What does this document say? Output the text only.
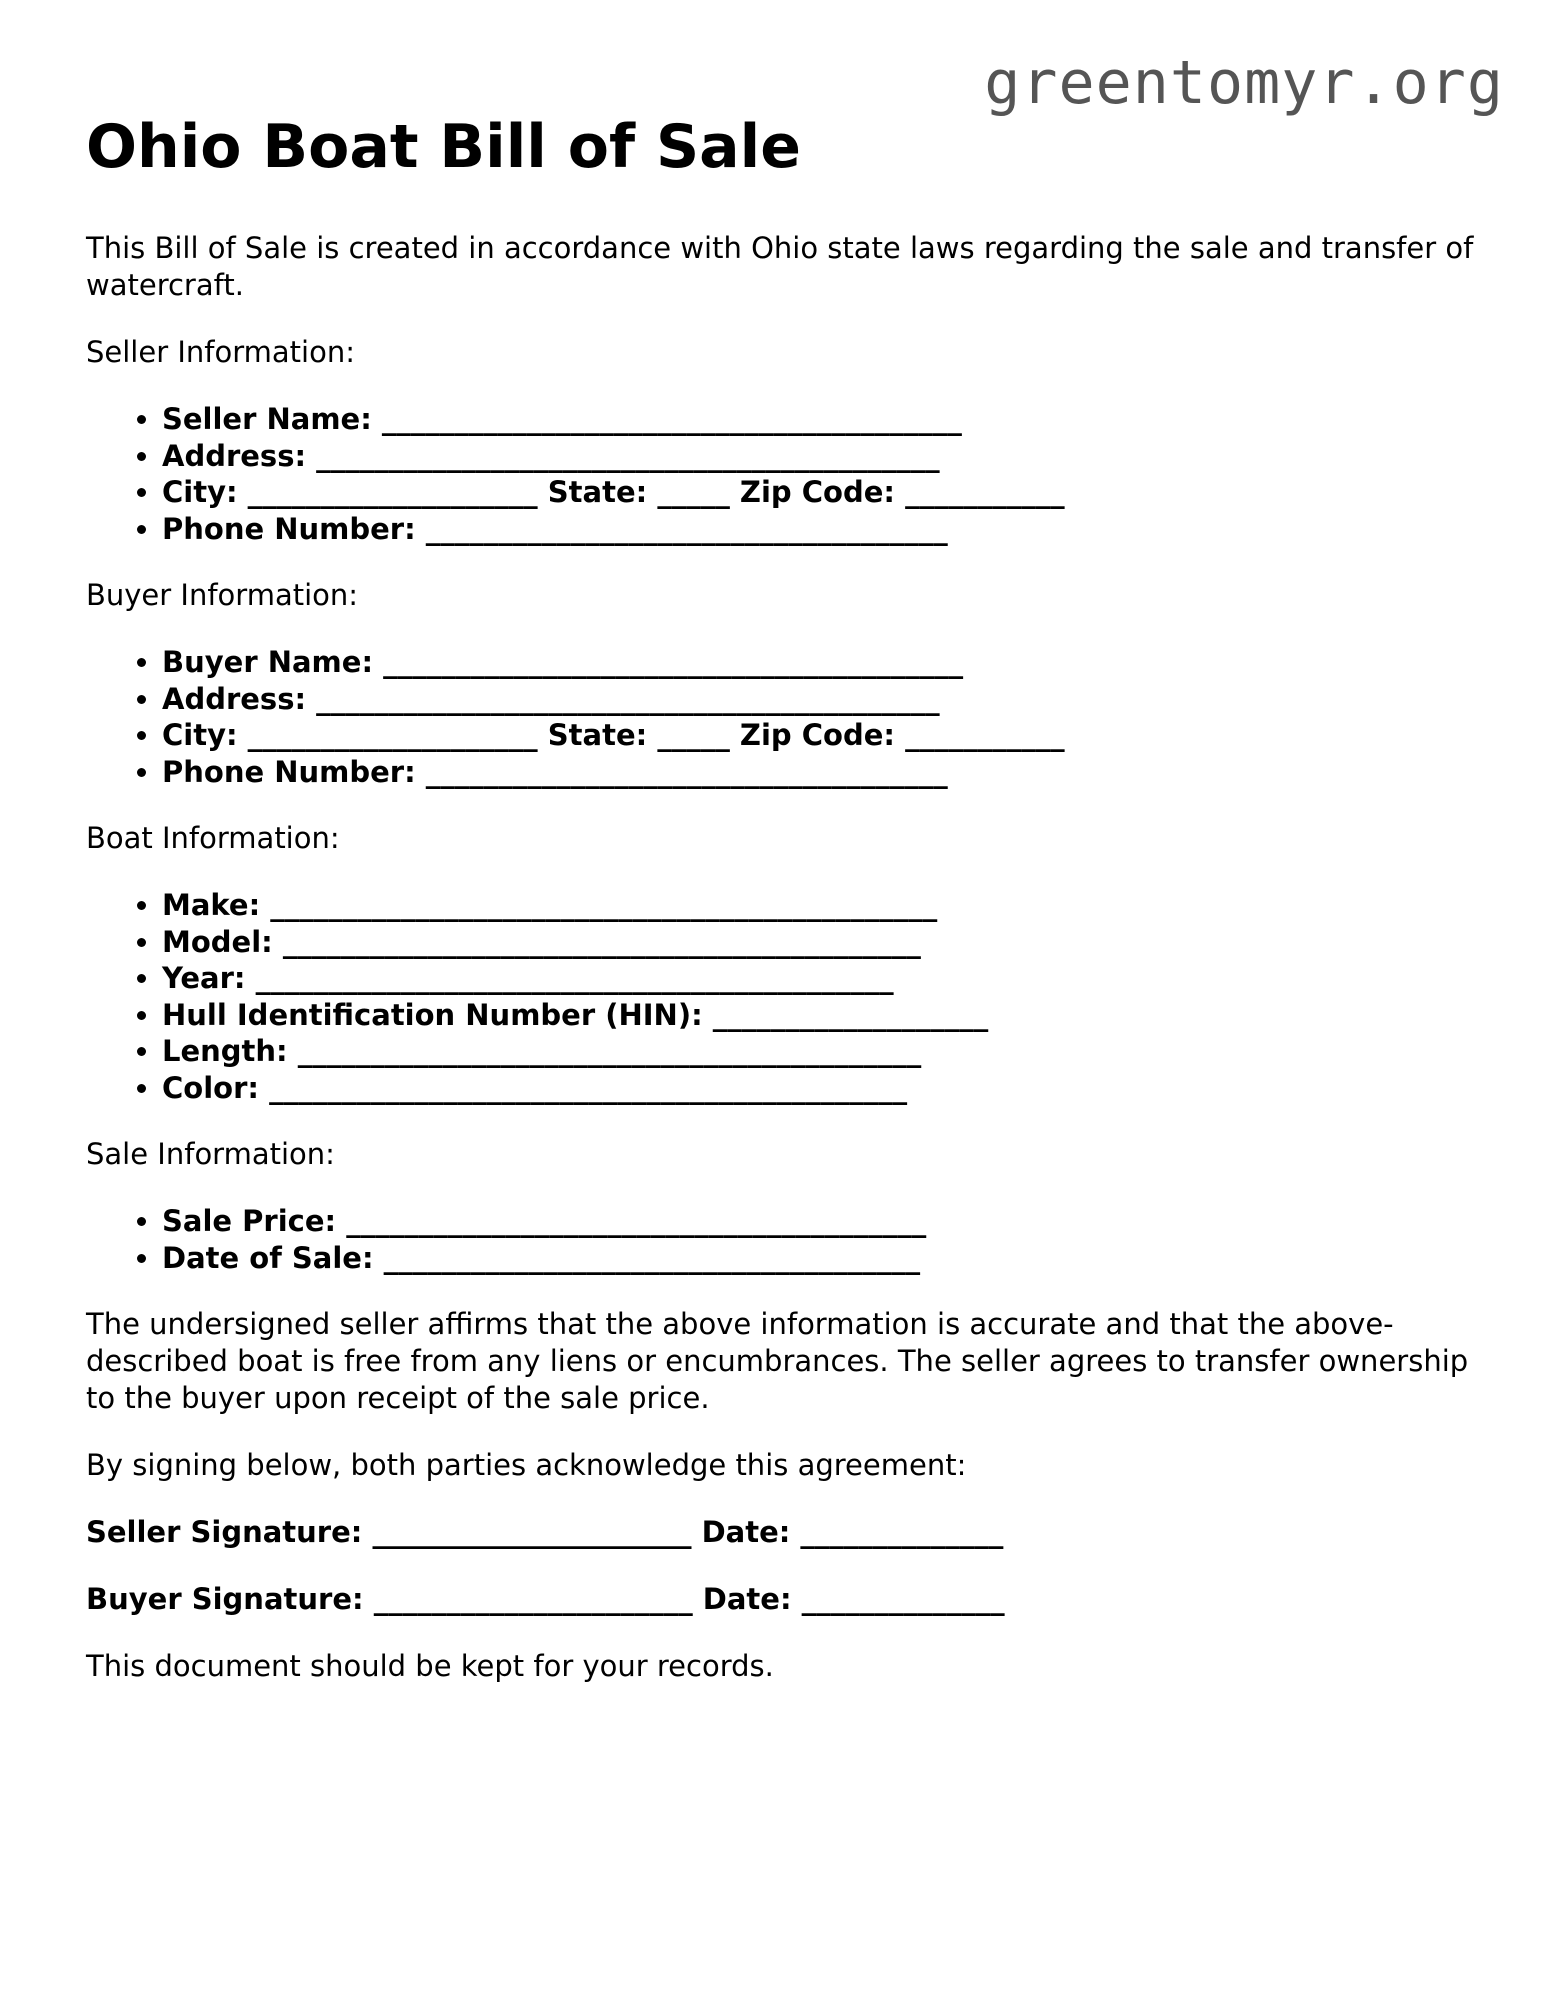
greentomyr.org
Ohio Boat Bill of Sale

This Bill of Sale is created in accordance with Ohio state laws regarding the sale and transfer of watercraft.

Seller Information:

• Seller Name: ________________________________________
• Address: ___________________________________________
• City: ____________________ State: _____ Zip Code: ___________
• Phone Number: ____________________________________

Buyer Information:

• Buyer Name: ________________________________________
• Address: ___________________________________________
• City: ____________________ State: _____ Zip Code: ___________
• Phone Number: ____________________________________

Boat Information:

• Make: ______________________________________________
• Model: ____________________________________________
• Year: ____________________________________________
• Hull Identification Number (HIN): ___________________
• Length: ___________________________________________
• Color: ____________________________________________

Sale Information:

• Sale Price: ________________________________________
• Date of Sale: _____________________________________

The undersigned seller affirms that the above information is accurate and that the above-described boat is free from any liens or encumbrances. The seller agrees to transfer ownership to the buyer upon receipt of the sale price.

By signing below, both parties acknowledge this agreement:

Seller Signature: ______________________ Date: ______________
Buyer Signature: ______________________ Date: ______________

This document should be kept for your records.
